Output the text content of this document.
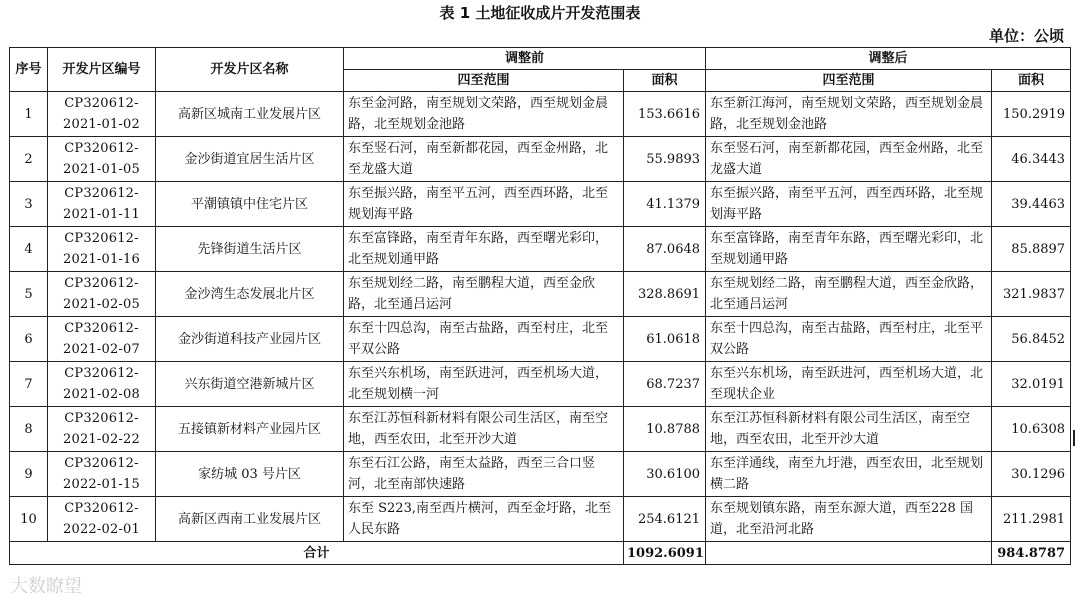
表 1 土地征收成片开发范围表
单位：公顷
序号	开发片区编号	开发片区名称	调整前		调整后	
			四至范围	面积	四至范围	面积
1	CP320612-2021-01-02	高新区城南工业发展片区	东至金河路，南至规划文荣路，西至规划金晨路，北至规划金池路	153.6616	东至新江海河，南至规划文荣路，西至规划金晨路，北至规划金池路	150.2919
2	CP320612-2021-01-05	金沙街道宜居生活片区	东至竖石河，南至新都花园，西至金州路，北至龙盛大道	55.9893	东至竖石河，南至新都花园，西至金州路，北至龙盛大道	46.3443
3	CP320612-2021-01-11	平潮镇镇中住宅片区	东至振兴路，南至平五河，西至西环路，北至规划海平路	41.1379	东至振兴路，南至平五河，西至西环路，北至规划海平路	39.4463
4	CP320612-2021-01-16	先锋街道生活片区	东至富锋路，南至青年东路，西至曙光彩印，北至规划通甲路	87.0648	东至富锋路，南至青年东路，西至曙光彩印，北至规划通甲路	85.8897
5	CP320612-2021-02-05	金沙湾生态发展北片区	东至规划经二路，南至鹏程大道，西至金欣路，北至通吕运河	328.8691	东至规划经二路，南至鹏程大道，西至金欣路，北至通吕运河	321.9837
6	CP320612-2021-02-07	金沙街道科技产业园片区	东至十四总沟，南至古盐路，西至村庄，北至平双公路	61.0618	东至十四总沟，南至古盐路，西至村庄，北至平双公路	56.8452
7	CP320612-2021-02-08	兴东街道空港新城片区	东至兴东机场，南至跃进河，西至机场大道，北至规划横一河	68.7237	东至兴东机场，南至跃进河，西至机场大道，北至现状企业	32.0191
8	CP320612-2021-02-22	五接镇新材料产业园片区	东至江苏恒科新材料有限公司生活区，南至空地，西至农田，北至开沙大道	10.8788	东至江苏恒科新材料有限公司生活区，南至空地，西至农田，北至开沙大道	10.6308
9	CP320612-2022-01-15	家纺城 03 号片区	东至石江公路，南至太益路，西至三合口竖河，北至南部快速路	30.6100	东至洋通线，南至九圩港，西至农田，北至规划横二路	30.1296
10	CP320612-2022-02-01	高新区西南工业发展片区	东至 S223,南至西片横河，西至金圩路，北至人民东路	254.6121	东至规划镇东路，南至东源大道，西至228 国道，北至沿河北路	211.2981
合计				1092.6091		984.8787
大数瞭望
